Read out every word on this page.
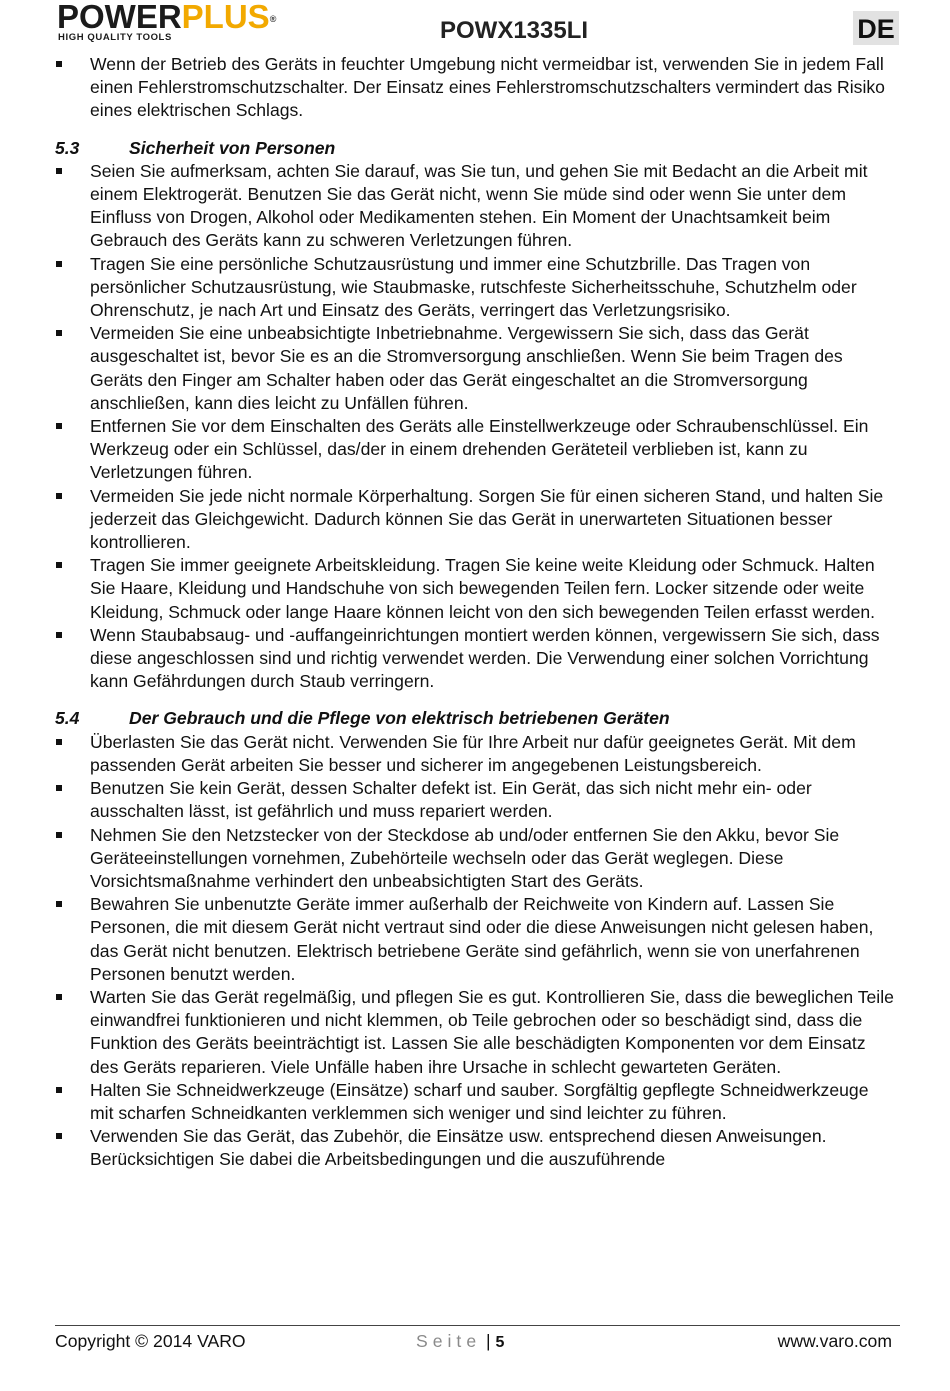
POWERPLUS®
HIGH QUALITY TOOLS	POWX1335LI	DE
Wenn der Betrieb des Geräts in feuchter Umgebung nicht vermeidbar ist, verwenden Sie in jedem Fall einen Fehlerstromschutzschalter. Der Einsatz eines Fehlerstromschutzschalters vermindert das Risiko eines elektrischen Schlags.
5.3	Sicherheit von Personen
Seien Sie aufmerksam, achten Sie darauf, was Sie tun, und gehen Sie mit Bedacht an die Arbeit mit einem Elektrogerät. Benutzen Sie das Gerät nicht, wenn Sie müde sind oder wenn Sie unter dem Einfluss von Drogen, Alkohol oder Medikamenten stehen. Ein Moment der Unachtsamkeit beim Gebrauch des Geräts kann zu schweren Verletzungen führen.
Tragen Sie eine persönliche Schutzausrüstung und immer eine Schutzbrille. Das Tragen von persönlicher Schutzausrüstung, wie Staubmaske, rutschfeste Sicherheitsschuhe, Schutzhelm oder Ohrenschutz, je nach Art und Einsatz des Geräts, verringert das Verletzungsrisiko.
Vermeiden Sie eine unbeabsichtigte Inbetriebnahme. Vergewissern Sie sich, dass das Gerät ausgeschaltet ist, bevor Sie es an die Stromversorgung anschließen. Wenn Sie beim Tragen des Geräts den Finger am Schalter haben oder das Gerät eingeschaltet an die Stromversorgung anschließen, kann dies leicht zu Unfällen führen.
Entfernen Sie vor dem Einschalten des Geräts alle Einstellwerkzeuge oder Schraubenschlüssel. Ein Werkzeug oder ein Schlüssel, das/der in einem drehenden Geräteteil verblieben ist, kann zu Verletzungen führen.
Vermeiden Sie jede nicht normale Körperhaltung. Sorgen Sie für einen sicheren Stand, und halten Sie jederzeit das Gleichgewicht. Dadurch können Sie das Gerät in unerwarteten Situationen besser kontrollieren.
Tragen Sie immer geeignete Arbeitskleidung. Tragen Sie keine weite Kleidung oder Schmuck. Halten Sie Haare, Kleidung und Handschuhe von sich bewegenden Teilen fern. Locker sitzende oder weite Kleidung, Schmuck oder lange Haare können leicht von den sich bewegenden Teilen erfasst werden.
Wenn Staubabsaug- und -auffangeinrichtungen montiert werden können, vergewissern Sie sich, dass diese angeschlossen sind und richtig verwendet werden. Die Verwendung einer solchen Vorrichtung kann Gefährdungen durch Staub verringern.
5.4	Der Gebrauch und die Pflege von elektrisch betriebenen Geräten
Überlasten Sie das Gerät nicht. Verwenden Sie für Ihre Arbeit nur dafür geeignetes Gerät. Mit dem passenden Gerät arbeiten Sie besser und sicherer im angegebenen Leistungsbereich.
Benutzen Sie kein Gerät, dessen Schalter defekt ist. Ein Gerät, das sich nicht mehr ein- oder ausschalten lässt, ist gefährlich und muss repariert werden.
Nehmen Sie den Netzstecker von der Steckdose ab und/oder entfernen Sie den Akku, bevor Sie Geräteeinstellungen vornehmen, Zubehörteile wechseln oder das Gerät weglegen. Diese Vorsichtsmaßnahme verhindert den unbeabsichtigten Start des Geräts.
Bewahren Sie unbenutzte Geräte immer außerhalb der Reichweite von Kindern auf. Lassen Sie Personen, die mit diesem Gerät nicht vertraut sind oder die diese Anweisungen nicht gelesen haben, das Gerät nicht benutzen. Elektrisch betriebene Geräte sind gefährlich, wenn sie von unerfahrenen Personen benutzt werden.
Warten Sie das Gerät regelmäßig, und pflegen Sie es gut. Kontrollieren Sie, dass die beweglichen Teile einwandfrei funktionieren und nicht klemmen, ob Teile gebrochen oder so beschädigt sind, dass die Funktion des Geräts beeinträchtigt ist. Lassen Sie alle beschädigten Komponenten vor dem Einsatz des Geräts reparieren. Viele Unfälle haben ihre Ursache in schlecht gewarteten Geräten.
Halten Sie Schneidwerkzeuge (Einsätze) scharf und sauber. Sorgfältig gepflegte Schneidwerkzeuge mit scharfen Schneidkanten verklemmen sich weniger und sind leichter zu führen.
Verwenden Sie das Gerät, das Zubehör, die Einsätze usw. entsprechend diesen Anweisungen. Berücksichtigen Sie dabei die Arbeitsbedingungen und die auszuführende
Copyright © 2014 VARO	Seite | 5	www.varo.com
